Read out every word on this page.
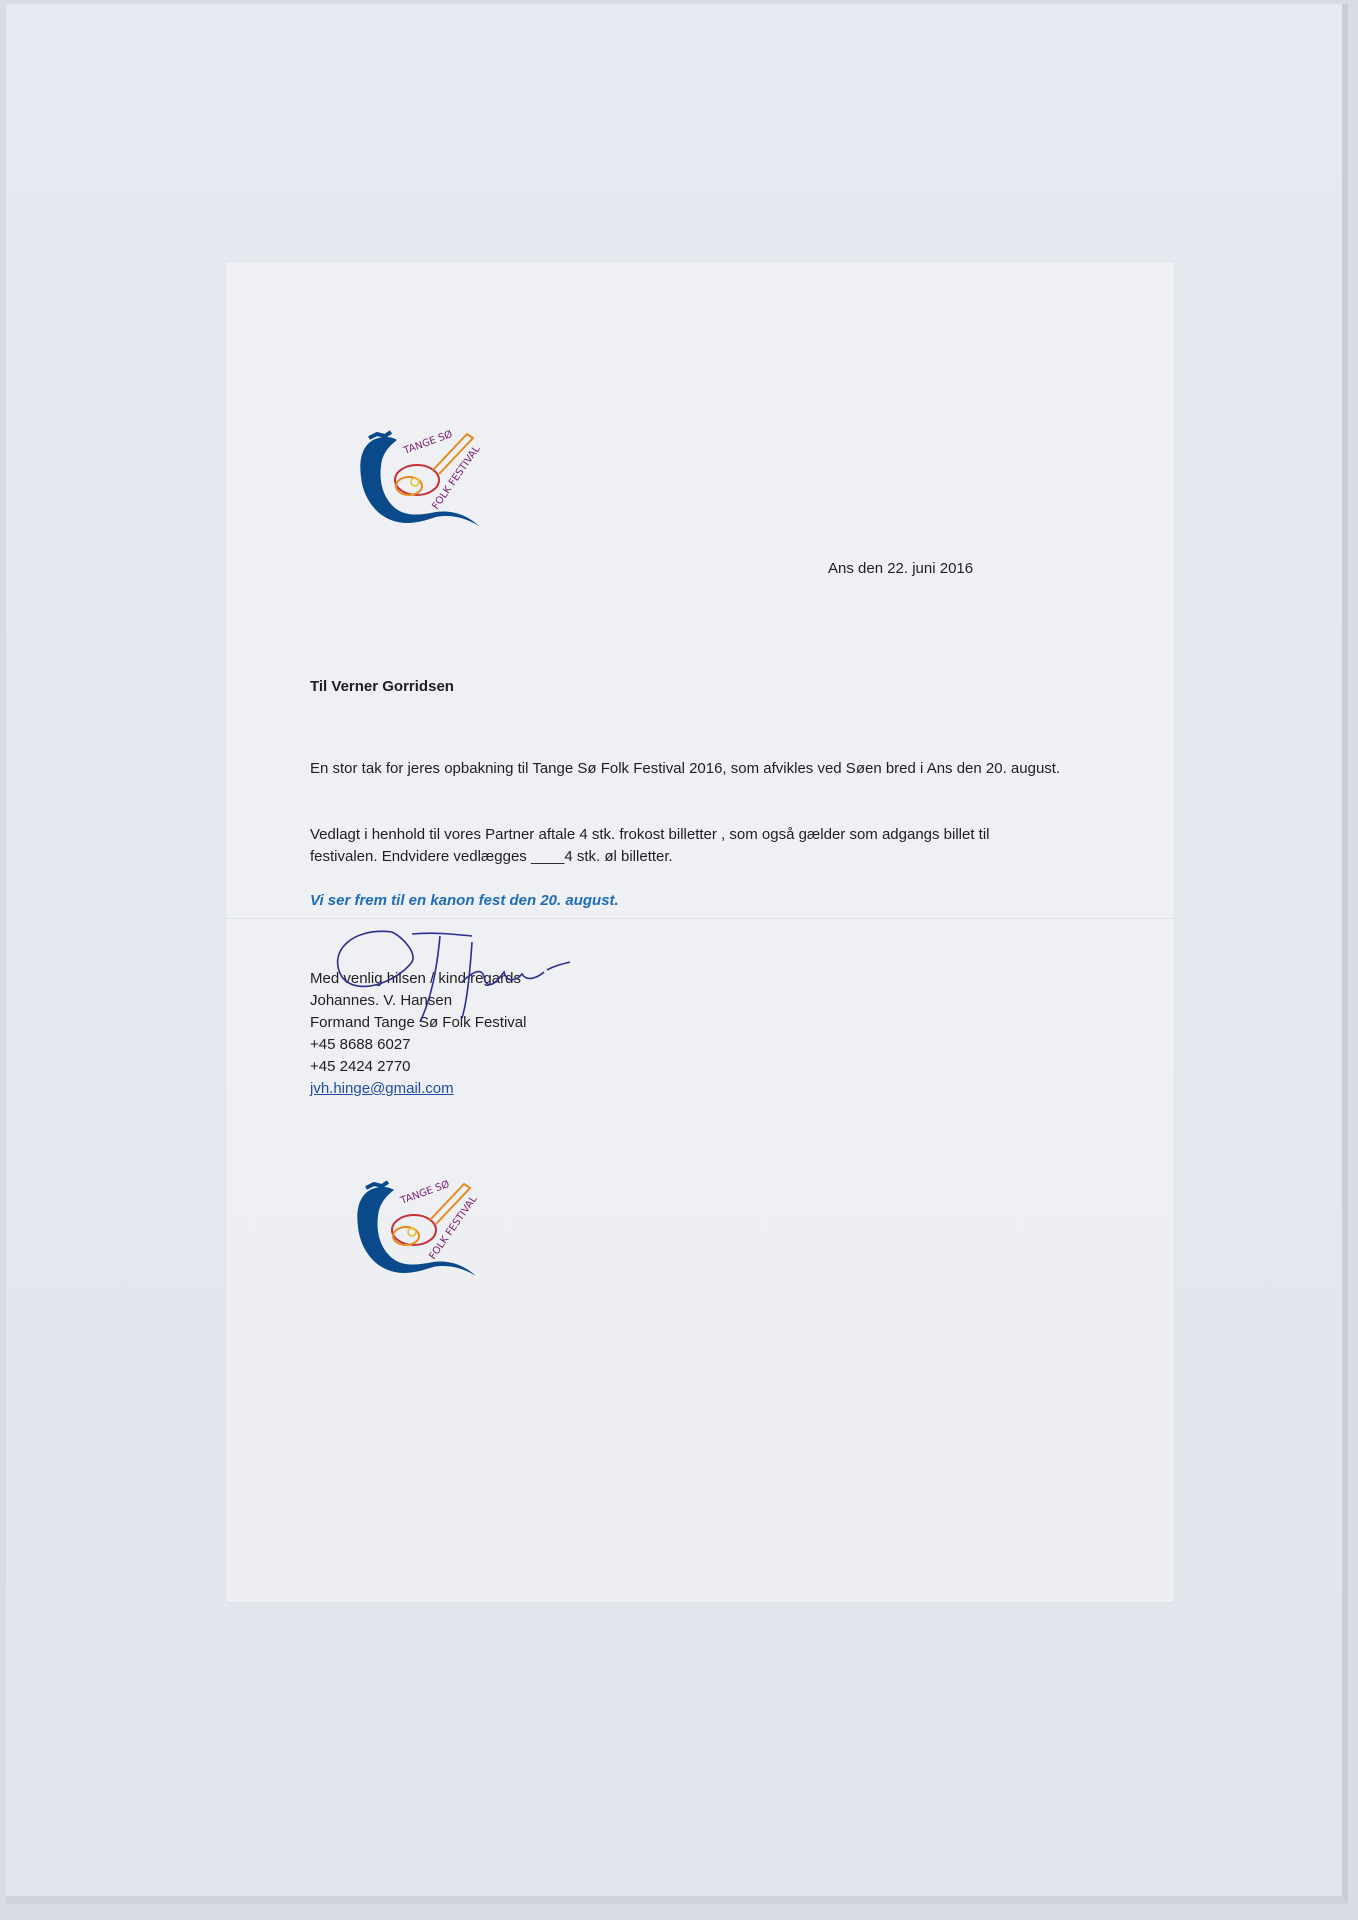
TANGE SØ
FOLK FESTIVAL
Ans den 22. juni 2016
Til Verner Gorridsen
En stor tak for jeres opbakning til Tange Sø Folk Festival 2016, som afvikles ved Søen bred i Ans den 20. august.
Vedlagt i henhold til vores Partner aftale 4 stk. frokost billetter , som også gælder som adgangs billet til
festivalen. Endvidere vedlægges ____4 stk. øl billetter.
Vi ser frem til en kanon fest den 20. august.
Med venlig hilsen / kind regards
Johannes. V. Hansen
Formand Tange Sø Folk Festival
+45 8688 6027
+45 2424 2770
jvh.hinge@gmail.com
TANGE SØ
FOLK FESTIVAL
